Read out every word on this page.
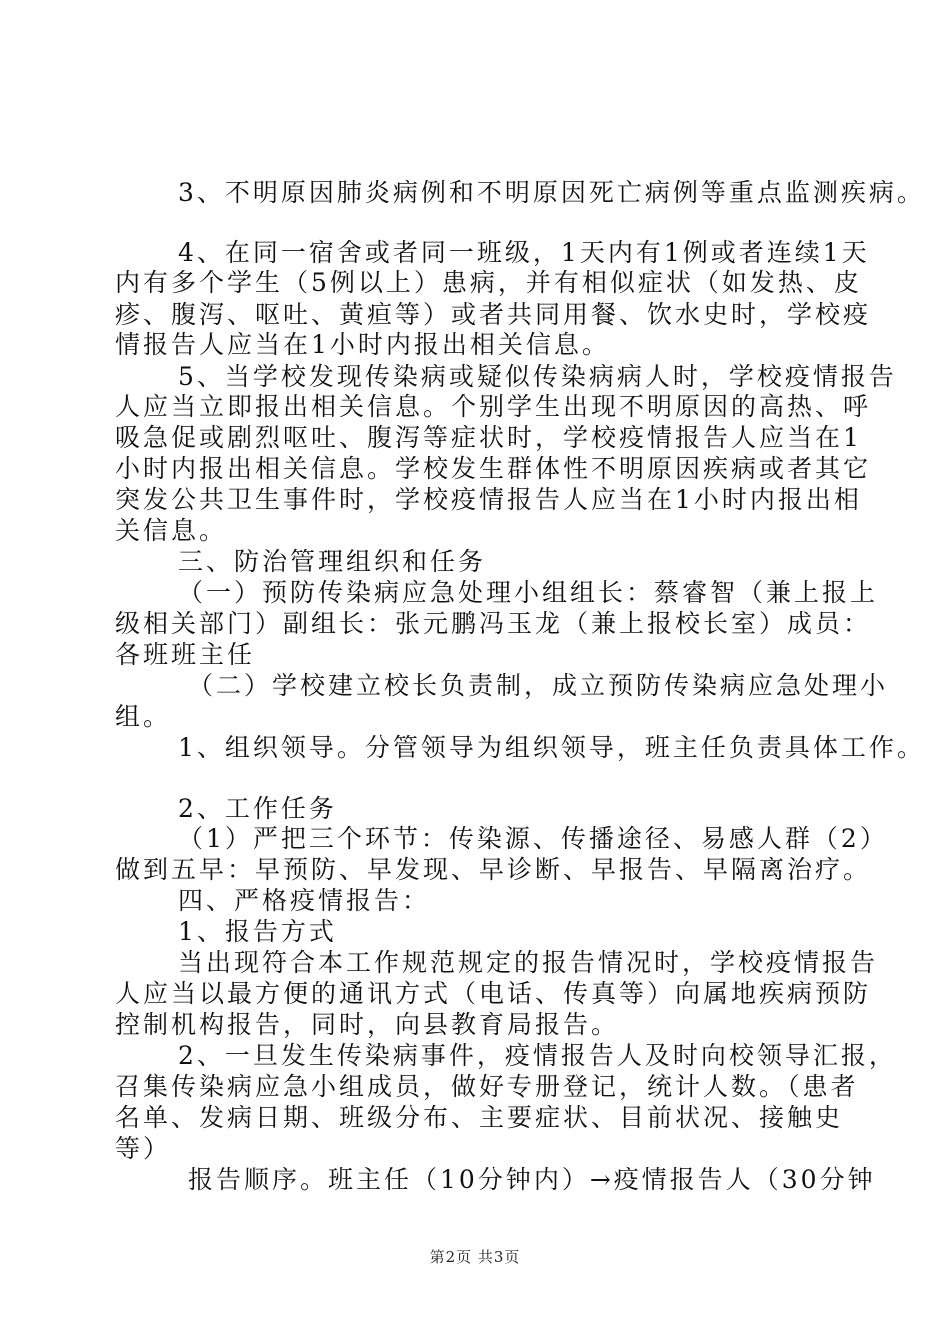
3、不明原因肺炎病例和不明原因死亡病例等重点监测疾病。
4、在同一宿舍或者同一班级，1天内有1例或者连续1天
内有多个学生（5例以上）患病，并有相似症状（如发热、皮
疹、腹泻、呕吐、黄疸等）或者共同用餐、饮水史时，学校疫
情报告人应当在1小时内报出相关信息。
5、当学校发现传染病或疑似传染病病人时，学校疫情报告
人应当立即报出相关信息。个别学生出现不明原因的高热、呼
吸急促或剧烈呕吐、腹泻等症状时，学校疫情报告人应当在1
小时内报出相关信息。学校发生群体性不明原因疾病或者其它
突发公共卫生事件时，学校疫情报告人应当在1小时内报出相
关信息。
三、防治管理组织和任务
（一）预防传染病应急处理小组组长：蔡睿智（兼上报上
级相关部门）副组长：张元鹏冯玉龙（兼上报校长室）成员：
各班班主任
（二）学校建立校长负责制，成立预防传染病应急处理小
组。
1、组织领导。分管领导为组织领导，班主任负责具体工作。
2、工作任务
（1）严把三个环节：传染源、传播途径、易感人群（2）
做到五早：早预防、早发现、早诊断、早报告、早隔离治疗。
四、严格疫情报告：
1、报告方式
当出现符合本工作规范规定的报告情况时，学校疫情报告
人应当以最方便的通讯方式（电话、传真等）向属地疾病预防
控制机构报告，同时，向县教育局报告。
2、一旦发生传染病事件，疫情报告人及时向校领导汇报，
召集传染病应急小组成员，做好专册登记，统计人数。（患者
名单、发病日期、班级分布、主要症状、目前状况、接触史
等）
报告顺序。班主任（10分钟内）→疫情报告人（30分钟
第2页 共3页
